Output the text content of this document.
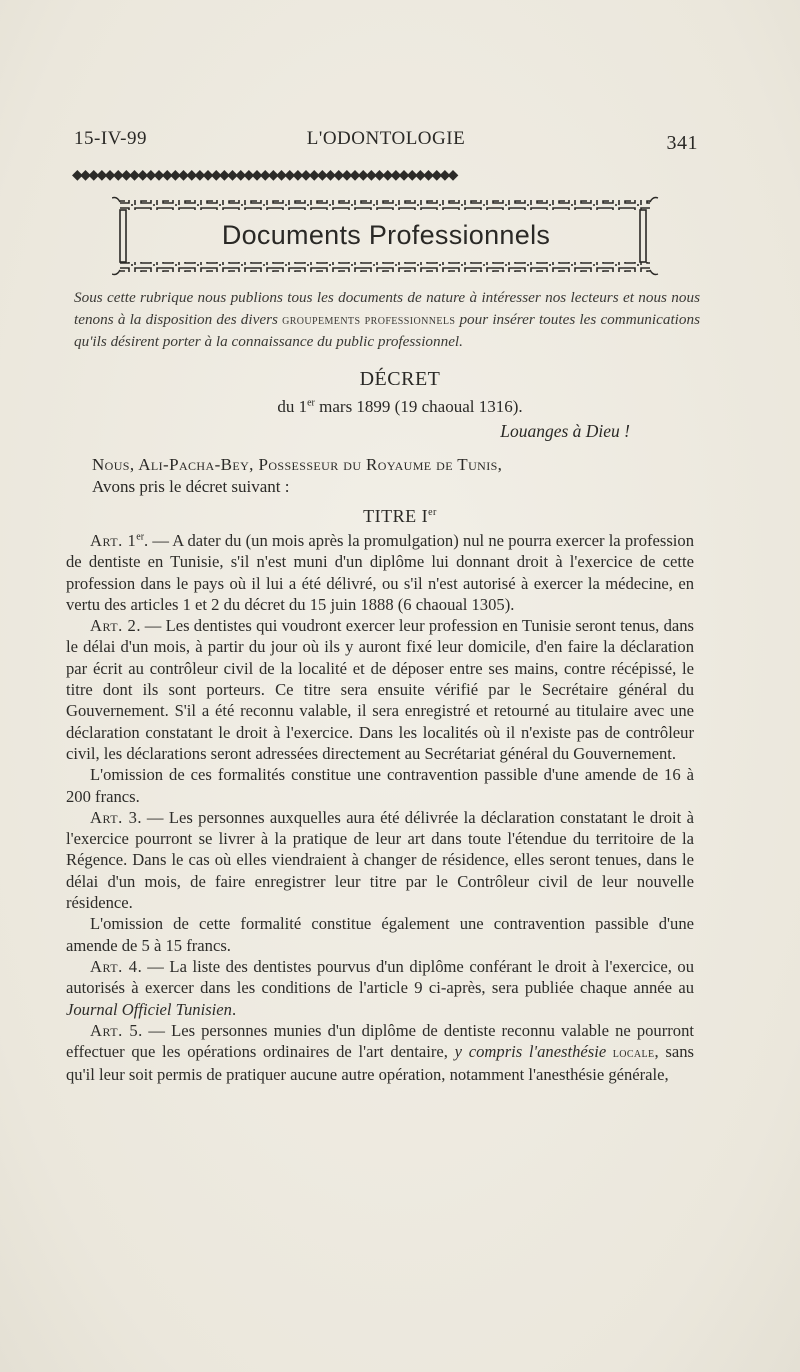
15-IV-99	L'ODONTOLOGIE	341
◆◆◆◆◆◆◆◆◆◆◆◆◆◆◆◆◆◆◆◆◆◆◆◆◆◆◆◆◆◆◆◆◆◆◆◆◆◆◆◆◆◆◆◆◆◆◆
Documents Professionnels
Sous cette rubrique nous publions tous les documents de nature à intéresser nos lecteurs et nous nous tenons à la disposition des divers groupements professionnels pour insérer toutes les communications qu'ils désirent porter à la connaissance du public professionnel.
DÉCRET
du 1er mars 1899 (19 chaoual 1316).
Louanges à Dieu !
Nous, Ali-Pacha-Bey, Possesseur du Royaume de Tunis,
Avons pris le décret suivant :
TITRE Ier

Art. 1er. — A dater du (un mois après la promulgation) nul ne pourra exercer la profession de dentiste en Tunisie, s'il n'est muni d'un diplôme lui donnant droit à l'exercice de cette profession dans le pays où il lui a été délivré, ou s'il n'est autorisé à exercer la médecine, en vertu des articles 1 et 2 du décret du 15 juin 1888 (6 chaoual 1305).

Art. 2. — Les dentistes qui voudront exercer leur profession en Tunisie seront tenus, dans le délai d'un mois, à partir du jour où ils y auront fixé leur domicile, d'en faire la déclaration par écrit au contrôleur civil de la localité et de déposer entre ses mains, contre récépissé, le titre dont ils sont porteurs. Ce titre sera ensuite vérifié par le Secrétaire général du Gouvernement. S'il a été reconnu valable, il sera enregistré et retourné au titulaire avec une déclaration constatant le droit à l'exercice. Dans les localités où il n'existe pas de contrôleur civil, les déclarations seront adressées directement au Secrétariat général du Gouvernement.

L'omission de ces formalités constitue une contravention passible d'une amende de 16 à 200 francs.

Art. 3. — Les personnes auxquelles aura été délivrée la déclaration constatant le droit à l'exercice pourront se livrer à la pratique de leur art dans toute l'étendue du territoire de la Régence. Dans le cas où elles viendraient à changer de résidence, elles seront tenues, dans le délai d'un mois, de faire enregistrer leur titre par le Contrôleur civil de leur nouvelle résidence.

L'omission de cette formalité constitue également une contravention passible d'une amende de 5 à 15 francs.

Art. 4. — La liste des dentistes pourvus d'un diplôme conférant le droit à l'exercice, ou autorisés à exercer dans les conditions de l'article 9 ci-après, sera publiée chaque année au Journal Officiel Tunisien.

Art. 5. — Les personnes munies d'un diplôme de dentiste reconnu valable ne pourront effectuer que les opérations ordinaires de l'art dentaire, y compris l'anesthésie locale, sans qu'il leur soit permis de pratiquer aucune autre opération, notamment l'anesthésie générale,
